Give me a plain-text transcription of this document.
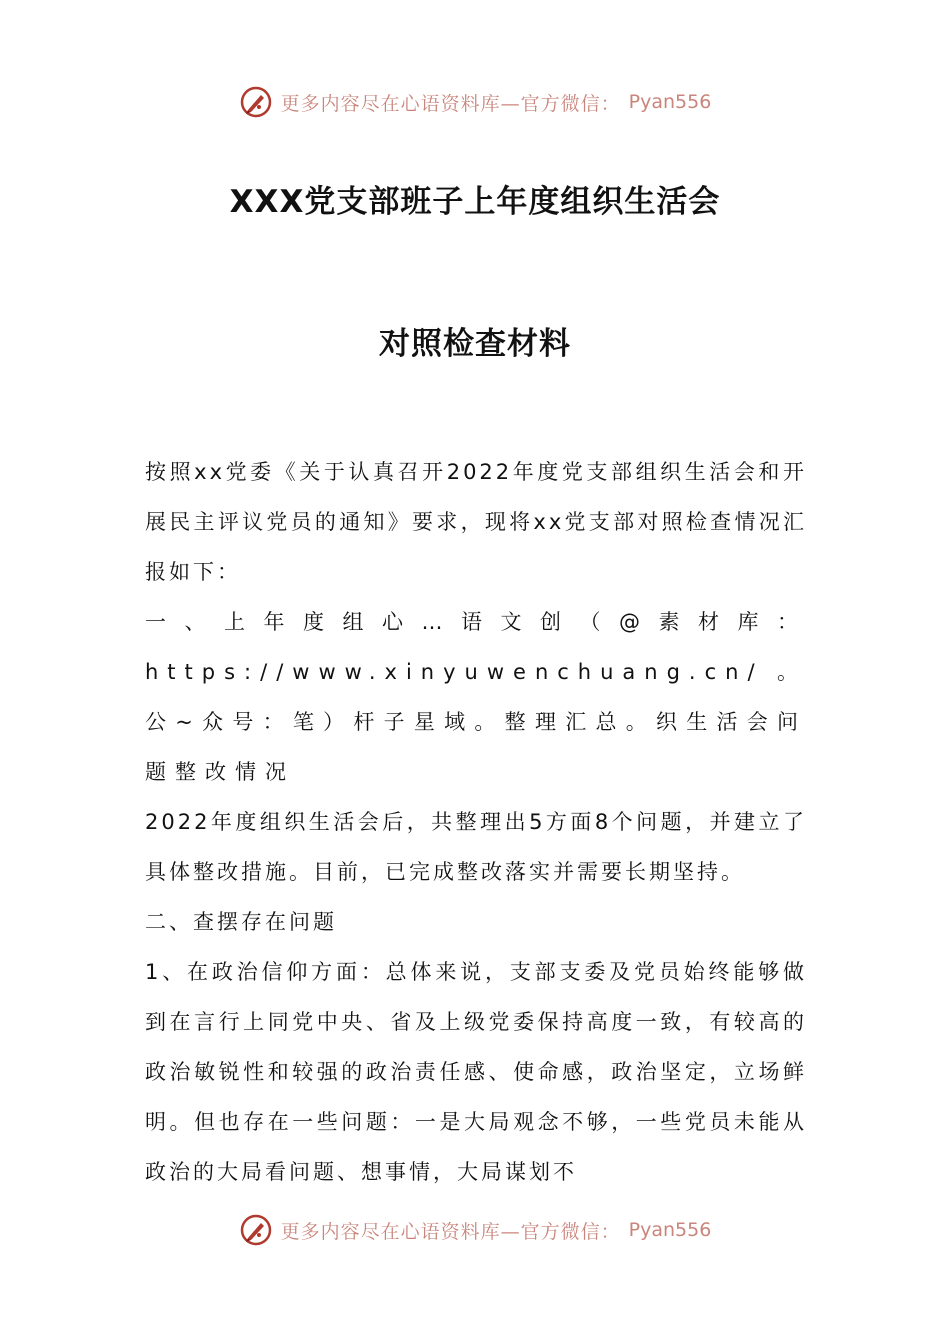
更多内容尽在心语资料库—官方微信： Pyan556
XXX党支部班子上年度组织生活会
对照检查材料

按照xx党委《关于认真召开2022年度党支部组织生活会和开展民主评议党员的通知》要求，现将xx党支部对照检查情况汇报如下：

一、上年度组心…语文创（@素材库：https://www.xinyuwenchuang.cn/。公~众号：笔）杆子星域。整理汇总。织生活会问题整改情况

2022年度组织生活会后，共整理出5方面8个问题，并建立了具体整改措施。目前，已完成整改落实并需要长期坚持。

二、查摆存在问题

1、在政治信仰方面：总体来说，支部支委及党员始终能够做到在言行上同党中央、省及上级党委保持高度一致，有较高的政治敏锐性和较强的政治责任感、使命感，政治坚定，立场鲜明。但也存在一些问题：一是大局观念不够，一些党员未能从政治的大局看问题、想事情，大局谋划不

更多内容尽在心语资料库—官方微信： Pyan556
